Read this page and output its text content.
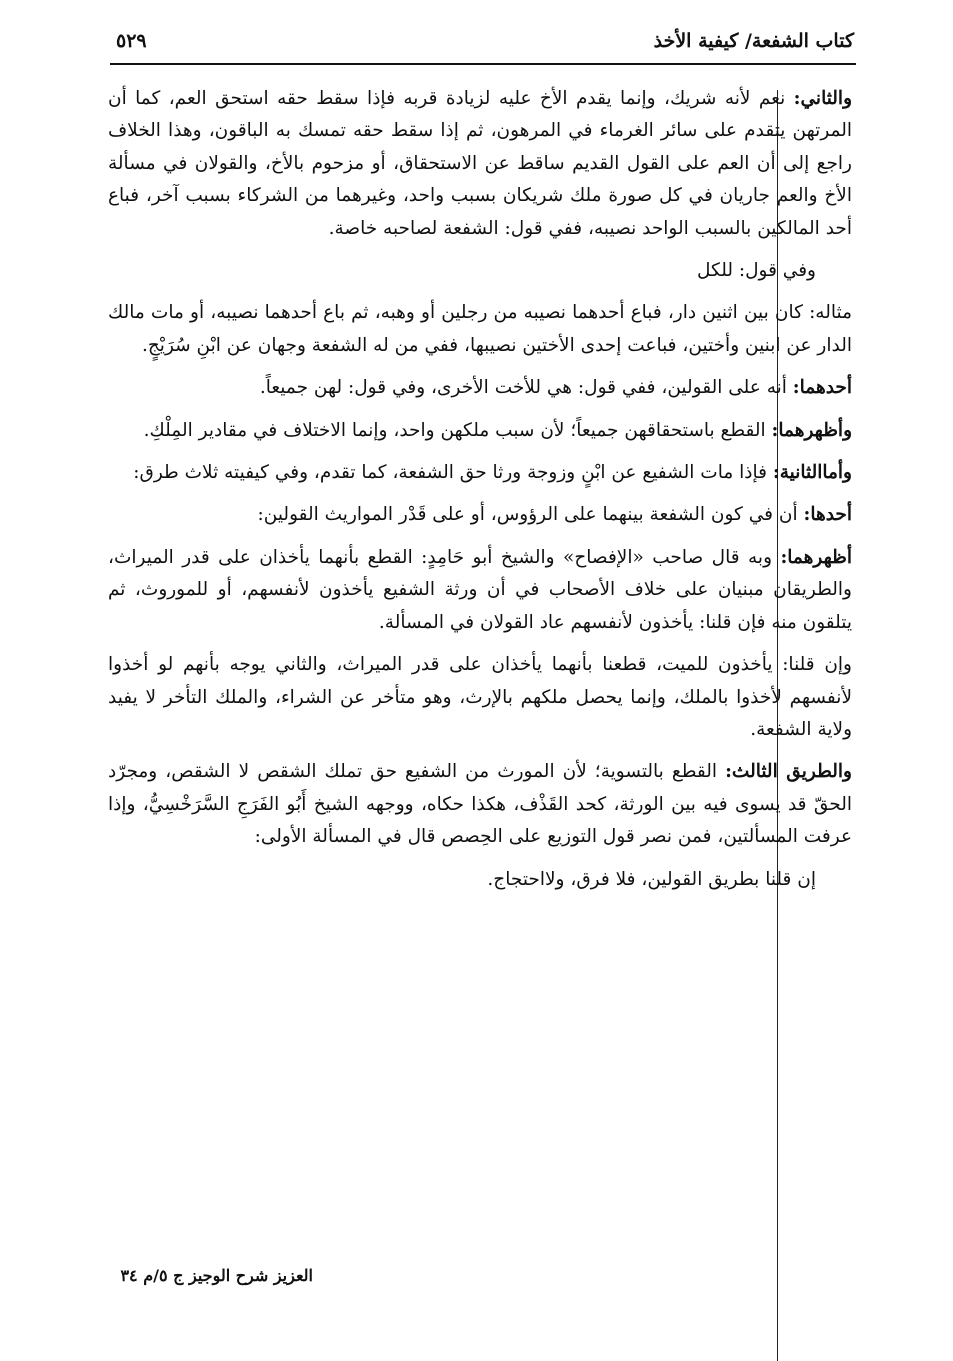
كتاب الشفعة/ كيفية الأخذ
٥٢٩

والثاني: نعم لأنه شريك، وإنما يقدم الأخ عليه لزيادة قربه فإذا سقط حقه استحق العم، كما أن المرتهن يتقدم على سائر الغرماء في المرهون، ثم إذا سقط حقه تمسك به الباقون، وهذا الخلاف راجع إلى أن العم على القول القديم ساقط عن الاستحقاق، أو مزحوم بالأخ، والقولان في مسألة الأخ والعم جاريان في كل صورة ملك شريكان بسبب واحد، وغيرهما من الشركاء بسبب آخر، فباع أحد المالكين بالسبب الواحد نصيبه، ففي قول: الشفعة لصاحبه خاصة.

وفي قول: للكل

مثاله: كان بين اثنين دار، فباع أحدهما نصيبه من رجلين أو وهبه، ثم باع أحدهما نصيبه، أو مات مالك الدار عن ابنين وأختين، فباعت إحدى الأختين نصيبها، ففي من له الشفعة وجهان عن ابْنِ سُرَيْجٍ.

أحدهما: أنه على القولين، ففي قول: هي للأخت الأخرى، وفي قول: لهن جميعاً.

وأظهرهما: القطع باستحقاقهن جميعاً؛ لأن سبب ملكهن واحد، وإنما الاختلاف في مقادير المِلْكِ.

وأماالثانية: فإذا مات الشفيع عن ابْنٍ وزوجة ورثا حق الشفعة، كما تقدم، وفي كيفيته ثلاث طرق:

أحدها: أن في كون الشفعة بينهما على الرؤوس، أو على قَدْر المواريث القولين:

أظهرهما: وبه قال صاحب «الإفصاح» والشيخ أبو حَامِدٍ: القطع بأنهما يأخذان على قدر الميراث، والطريقان مبنيان على خلاف الأصحاب في أن ورثة الشفيع يأخذون لأنفسهم، أو للموروث، ثم يتلقون منه فإن قلنا: يأخذون لأنفسهم عاد القولان في المسألة.

وإن قلنا: يأخذون للميت، قطعنا بأنهما يأخذان على قدر الميراث، والثاني يوجه بأنهم لو أخذوا لأنفسهم لأخذوا بالملك، وإنما يحصل ملكهم بالإرث، وهو متأخر عن الشراء، والملك التأخر لا يفيد ولاية الشفعة.

والطريق الثالث: القطع بالتسوية؛ لأن المورث من الشفيع حق تملك الشقص لا الشقص، ومجرّد الحقّ قد يسوى فيه بين الورثة، كحد القَذْف، هكذا حكاه، ووجهه الشيخ أَبُو الفَرَجِ السَّرَخْسِيُّ، وإذا عرفت المسألتين، فمن نصر قول التوزيع على الحِصص قال في المسألة الأولى:

إن قلنا بطريق القولين، فلا فرق، ولااحتجاج.

العزيز شرح الوجيز ج ٥/م ٣٤
